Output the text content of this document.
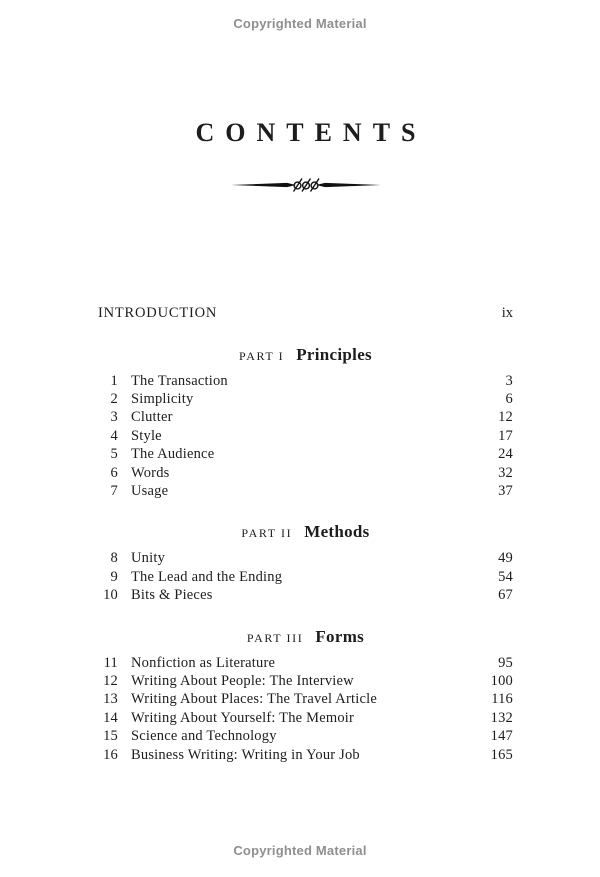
Copyrighted Material
CONTENTS
INTRODUCTION	ix
PART I Principles
1 The Transaction	3
2 Simplicity	6
3 Clutter	12
4 Style	17
5 The Audience	24
6 Words	32
7 Usage	37
PART II Methods
8 Unity	49
9 The Lead and the Ending	54
10 Bits & Pieces	67
PART III Forms
11 Nonfiction as Literature	95
12 Writing About People: The Interview	100
13 Writing About Places: The Travel Article	116
14 Writing About Yourself: The Memoir	132
15 Science and Technology	147
16 Business Writing: Writing in Your Job	165
Copyrighted Material
